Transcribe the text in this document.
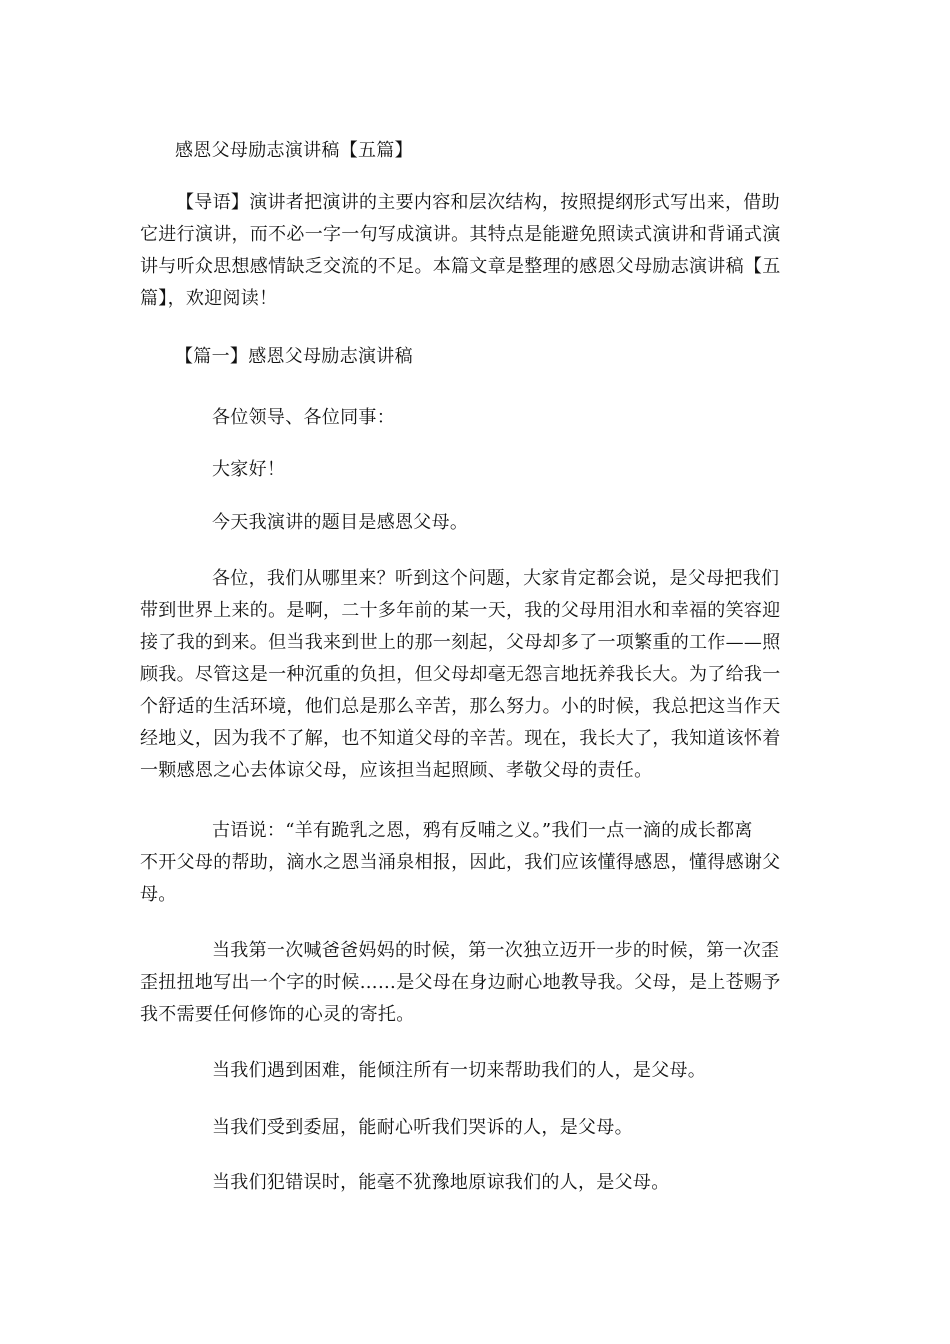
感恩父母励志演讲稿【五篇】

【导语】演讲者把演讲的主要内容和层次结构，按照提纲形式写出来，借助
它进行演讲，而不必一字一句写成演讲。其特点是能避免照读式演讲和背诵式演
讲与听众思想感情缺乏交流的不足。本篇文章是整理的感恩父母励志演讲稿【五
篇】，欢迎阅读！

【篇一】感恩父母励志演讲稿

各位领导、各位同事：

大家好！

今天我演讲的题目是感恩父母。

各位，我们从哪里来？听到这个问题，大家肯定都会说，是父母把我们
带到世界上来的。是啊，二十多年前的某一天，我的父母用泪水和幸福的笑容迎
接了我的到来。但当我来到世上的那一刻起，父母却多了一项繁重的工作——照
顾我。尽管这是一种沉重的负担，但父母却毫无怨言地抚养我长大。为了给我一
个舒适的生活环境，他们总是那么辛苦，那么努力。小的时候，我总把这当作天
经地义，因为我不了解，也不知道父母的辛苦。现在，我长大了，我知道该怀着
一颗感恩之心去体谅父母，应该担当起照顾、孝敬父母的责任。
古语说：“羊有跪乳之恩，鸦有反哺之义。”我们一点一滴的成长都离
不开父母的帮助，滴水之恩当涌泉相报，因此，我们应该懂得感恩，懂得感谢父
母。
当我第一次喊爸爸妈妈的时候，第一次独立迈开一步的时候，第一次歪
歪扭扭地写出一个字的时候……是父母在身边耐心地教导我。父母，是上苍赐予
我不需要任何修饰的心灵的寄托。

当我们遇到困难，能倾注所有一切来帮助我们的人，是父母。

当我们受到委屈，能耐心听我们哭诉的人，是父母。

当我们犯错误时，能毫不犹豫地原谅我们的人，是父母。
